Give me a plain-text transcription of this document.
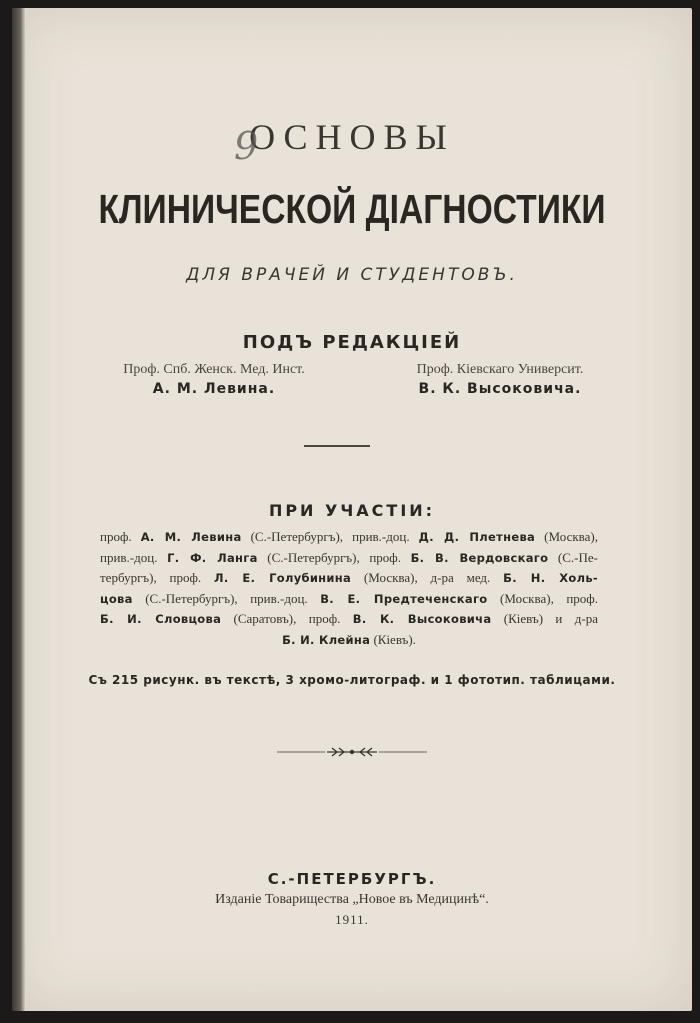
ОСНОВЫ
9
КЛИНИЧЕСКОЙ ДІАГНОСТИКИ
ДЛЯ ВРАЧЕЙ И СТУДЕНТОВЪ.
ПОДЪ РЕДАКЦІЕЙ
Проф. Спб. Женск. Мед. Инст.
А. М. Левина.
Проф. Кіевскаго Университ.
В. К. Высоковича.
ПРИ УЧАСТІИ:
проф. А. М. Левина (С.-Петербургъ), прив.-доц. Д. Д. Плетнева (Москва),
прив.-доц. Г. Ф. Ланга (С.-Петербургъ), проф. Б. В. Вердовскаго (С.-Пе-
тербургъ), проф. Л. Е. Голубинина (Москва), д-ра мед. Б. Н. Холь-
цова (С.-Петербургъ), прив.-доц. В. Е. Предтеченскаго (Москва), проф.
Б. И. Словцова (Саратовъ), проф. В. К. Высоковича (Кіевъ) и д-ра
Б. И. Клейна (Кіевъ).
Съ 215 рисунк. въ текстѣ, 3 хромо-литограф. и 1 фототип. таблицами.
С.-ПЕТЕРБУРГЪ.
Изданіе Товарищества „Новое въ Медицинѣ“.
1911.
